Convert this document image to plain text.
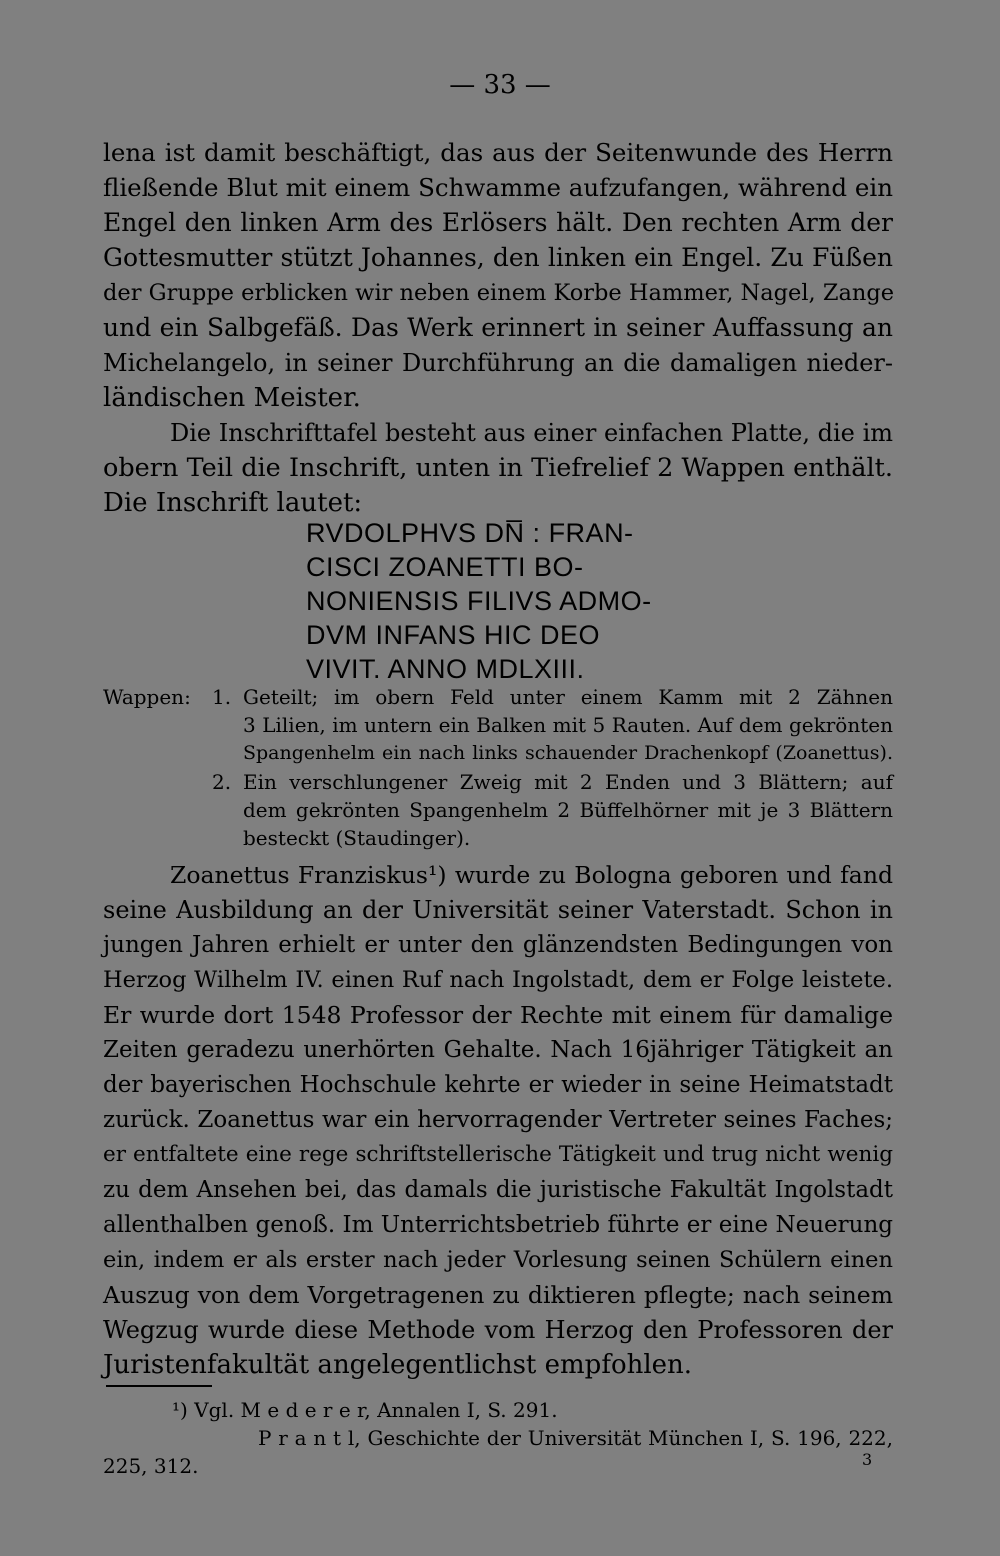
— 33 —
lena ist damit beschäftigt, das aus der Seitenwunde des Herrn
fließende Blut mit einem Schwamme aufzufangen, während ein
Engel den linken Arm des Erlösers hält. Den rechten Arm der
Gottesmutter stützt Johannes, den linken ein Engel. Zu Füßen
der Gruppe erblicken wir neben einem Korbe Hammer, Nagel, Zange
und ein Salbgefäß. Das Werk erinnert in seiner Auffassung an
Michelangelo, in seiner Durchführung an die damaligen nieder-
ländischen Meister.
Die Inschrifttafel besteht aus einer einfachen Platte, die im
obern Teil die Inschrift, unten in Tiefrelief 2 Wappen enthält.
Die Inschrift lautet:
RVDOLPHVS DN̅ : FRAN-
CISCI ZOANETTI BO-
NONIENSIS FILIVS ADMO-
DVM INFANS HIC DEO
VIVIT. ANNO MDLXIII.
Wappen: 1. Geteilt; im obern Feld unter einem Kamm mit 2 Zähnen
3 Lilien, im untern ein Balken mit 5 Rauten. Auf dem gekrönten
Spangenhelm ein nach links schauender Drachenkopf (Zoanettus).
2. Ein verschlungener Zweig mit 2 Enden und 3 Blättern; auf
dem gekrönten Spangenhelm 2 Büffelhörner mit je 3 Blättern
besteckt (Staudinger).
Zoanettus Franziskus¹) wurde zu Bologna geboren und fand
seine Ausbildung an der Universität seiner Vaterstadt. Schon in
jungen Jahren erhielt er unter den glänzendsten Bedingungen von
Herzog Wilhelm IV. einen Ruf nach Ingolstadt, dem er Folge leistete.
Er wurde dort 1548 Professor der Rechte mit einem für damalige
Zeiten geradezu unerhörten Gehalte. Nach 16jähriger Tätigkeit an
der bayerischen Hochschule kehrte er wieder in seine Heimatstadt
zurück. Zoanettus war ein hervorragender Vertreter seines Faches;
er entfaltete eine rege schriftstellerische Tätigkeit und trug nicht wenig
zu dem Ansehen bei, das damals die juristische Fakultät Ingolstadt
allenthalben genoß. Im Unterrichtsbetrieb führte er eine Neuerung
ein, indem er als erster nach jeder Vorlesung seinen Schülern einen
Auszug von dem Vorgetragenen zu diktieren pflegte; nach seinem
Wegzug wurde diese Methode vom Herzog den Professoren der
Juristenfakultät angelegentlichst empfohlen.
¹) Vgl. M e d e r e r, Annalen I, S. 291.
P r a n t l, Geschichte der Universität München I, S. 196, 222,
225, 312.	3
